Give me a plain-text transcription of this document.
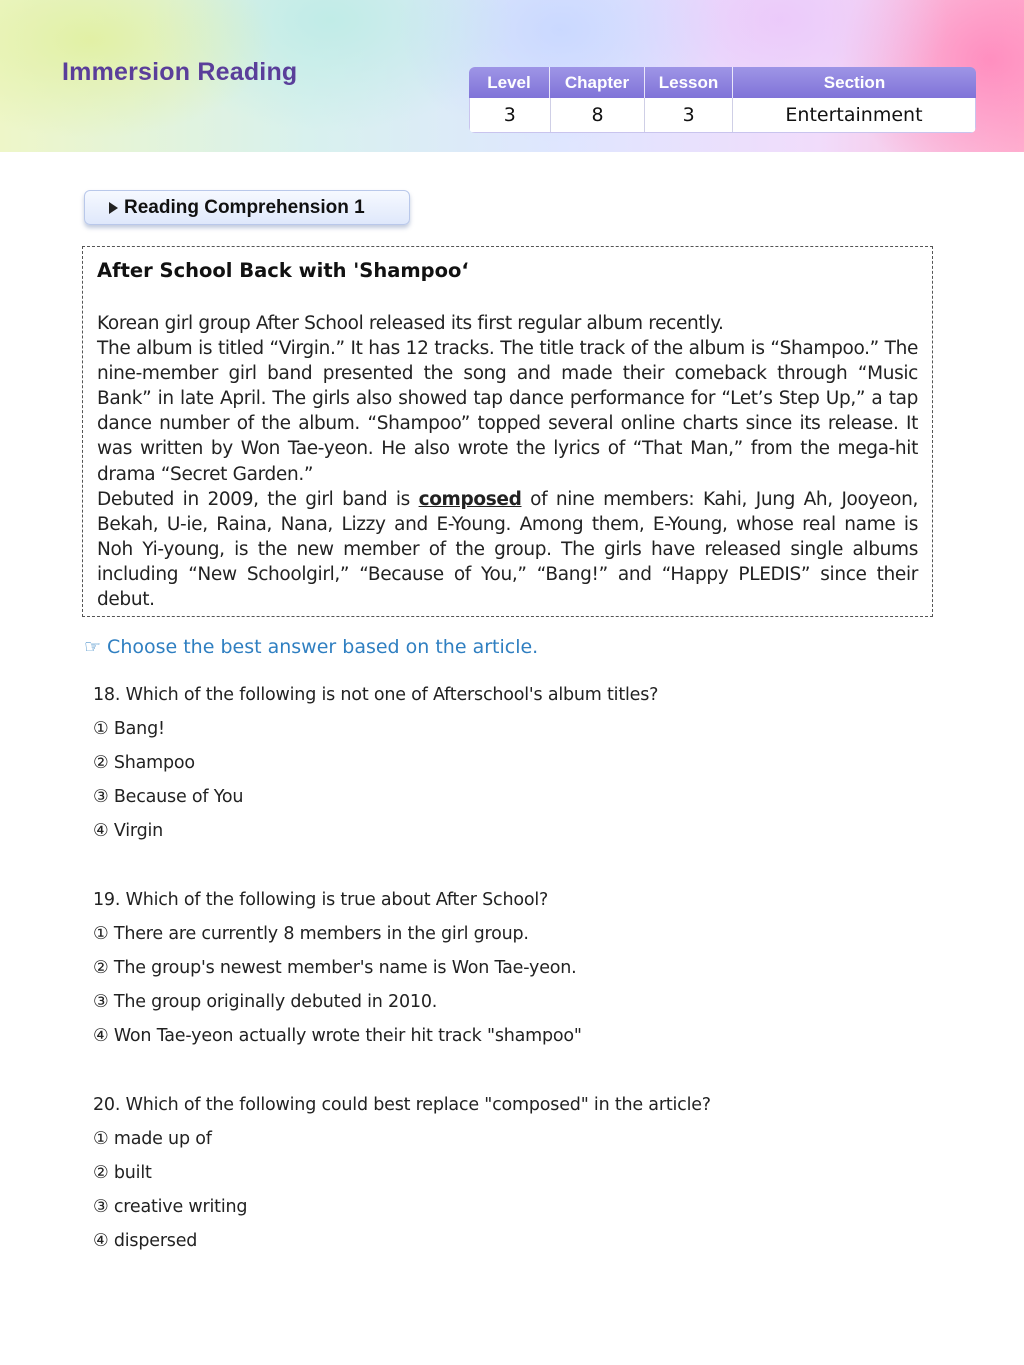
Immersion Reading	Level	Chapter	Lesson	Section
3	8	3	Entertainment
Reading Comprehension 1
After School Back with 'Shampoo‘

Korean girl group After School released its first regular album recently.

The album is titled “Virgin.” It has 12 tracks. The title track of the album is “Shampoo.” The nine-member girl band presented the song and made their comeback through “Music Bank” in late April. The girls also showed tap dance performance for “Let’s Step Up,” a tap dance number of the album. “Shampoo” topped several online charts since its release. It was written by Won Tae-yeon. He also wrote the lyrics of “That Man,” from the mega-hit drama “Secret Garden.”

Debuted in 2009, the girl band is composed of nine members: Kahi, Jung Ah, Jooyeon, Bekah, U-ie, Raina, Nana, Lizzy and E-Young. Among them, E-Young, whose real name is Noh Yi-young, is the new member of the group. The girls have released single albums including “New Schoolgirl,” “Because of You,” “Bang!” and “Happy PLEDIS” since their debut.

☞ Choose the best answer based on the article.
18. Which of the following is not one of Afterschool's album titles?
① Bang!
② Shampoo
③ Because of You
④ Virgin
19. Which of the following is true about After School?
① There are currently 8 members in the girl group.
② The group's newest member's name is Won Tae-yeon.
③ The group originally debuted in 2010.
④ Won Tae-yeon actually wrote their hit track "shampoo"
20. Which of the following could best replace "composed" in the article?
① made up of
② built
③ creative writing
④ dispersed
